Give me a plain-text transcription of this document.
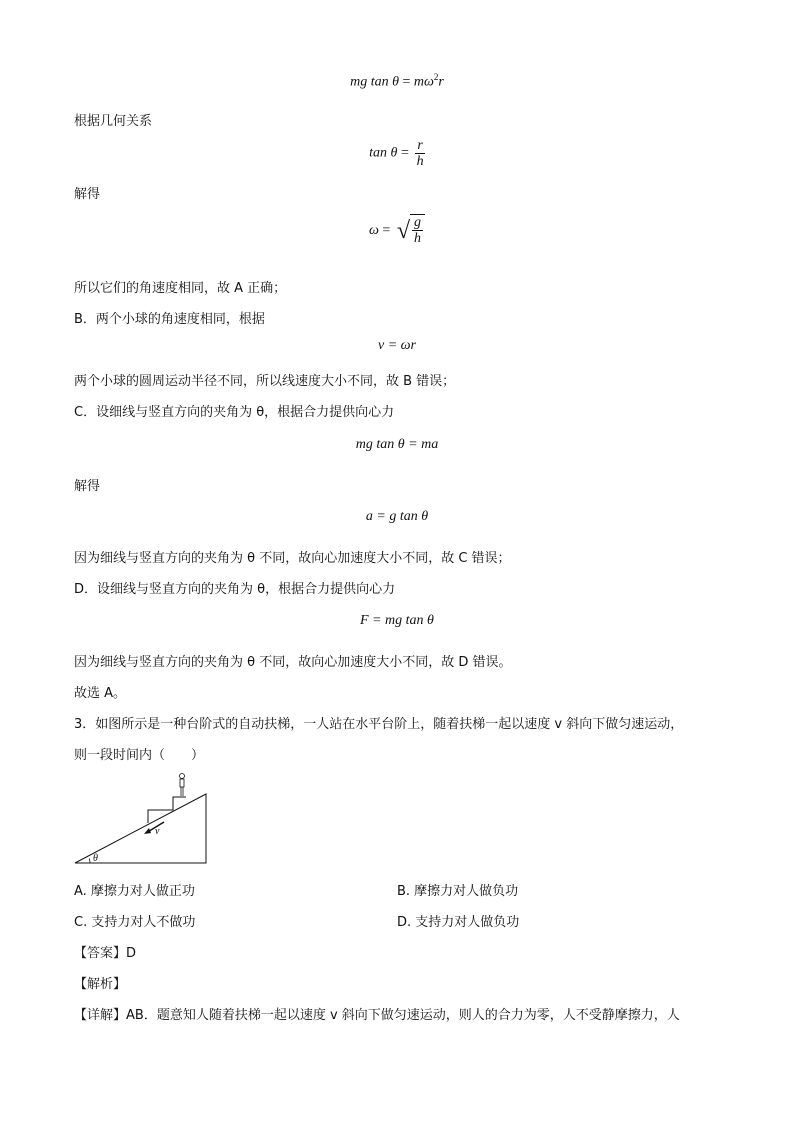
mg $\tan \theta = m\omega^2r$
根据几何关系
$\tan \theta = \frac{r}{h}$
解得
ω = √ $\frac{g}{h}$
所以它们的角速度相同，故 A 正确；
B．两个小球的角速度相同，根据
v = ωr
两个小球的圆周运动半径不同，所以线速度大小不同，故 B 错误；
C．设细线与竖直方向的夹角为 θ，根据合力提供向心力
mg tan θ = ma
解得
a = g tan θ
因为细线与竖直方向的夹角为 θ 不同，故向心加速度大小不同，故 C 错误；
D．设细线与竖直方向的夹角为 θ，根据合力提供向心力
F = mg tan θ
因为细线与竖直方向的夹角为 θ 不同，故向心加速度大小不同，故 D 错误。
故选 A。
3．如图所示是一种台阶式的自动扶梯，一人站在水平台阶上，随着扶梯一起以速度 v 斜向下做匀速运动，
则一段时间内（　　）
v
θ
A. 摩擦力对人做正功	B. 摩擦力对人做负功
C. 支持力对人不做功	D. 支持力对人做负功
【答案】D
【解析】
【详解】AB．题意知人随着扶梯一起以速度 v 斜向下做匀速运动，则人的合力为零，人不受静摩擦力，人
